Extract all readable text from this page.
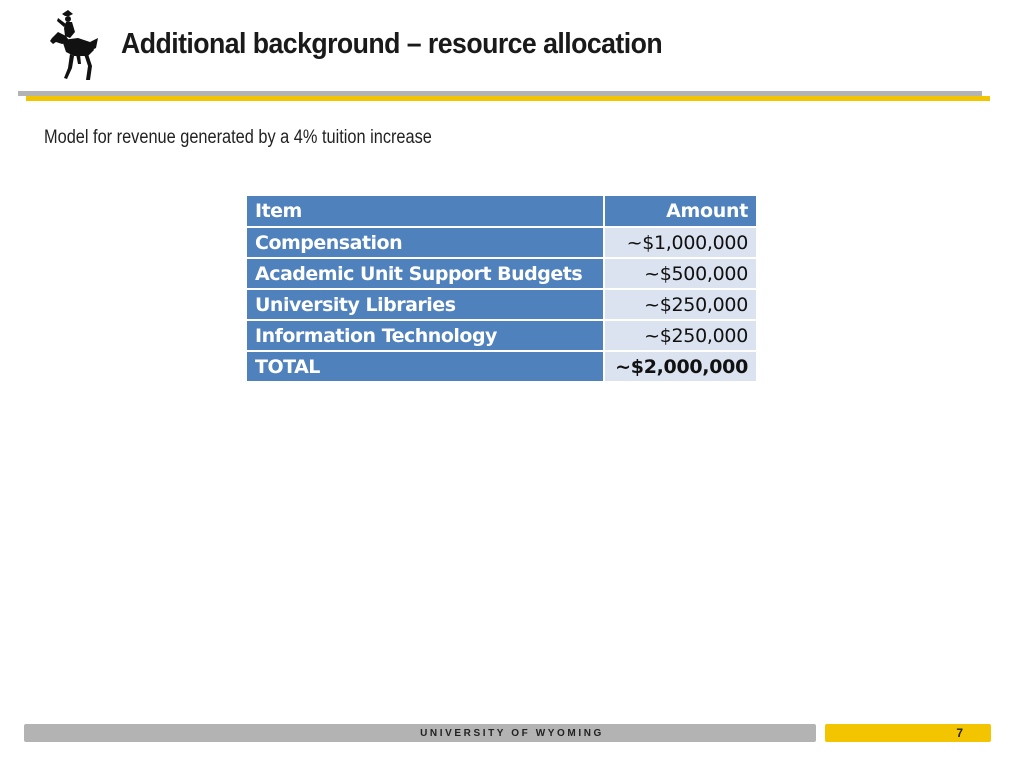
Additional background – resource allocation
Model for revenue generated by a 4% tuition increase
Item	Amount
Compensation	~$1,000,000
Academic Unit Support Budgets	~$500,000
University Libraries	~$250,000
Information Technology	~$250,000
TOTAL	~$2,000,000
UNIVERSITY OF WYOMING	7
